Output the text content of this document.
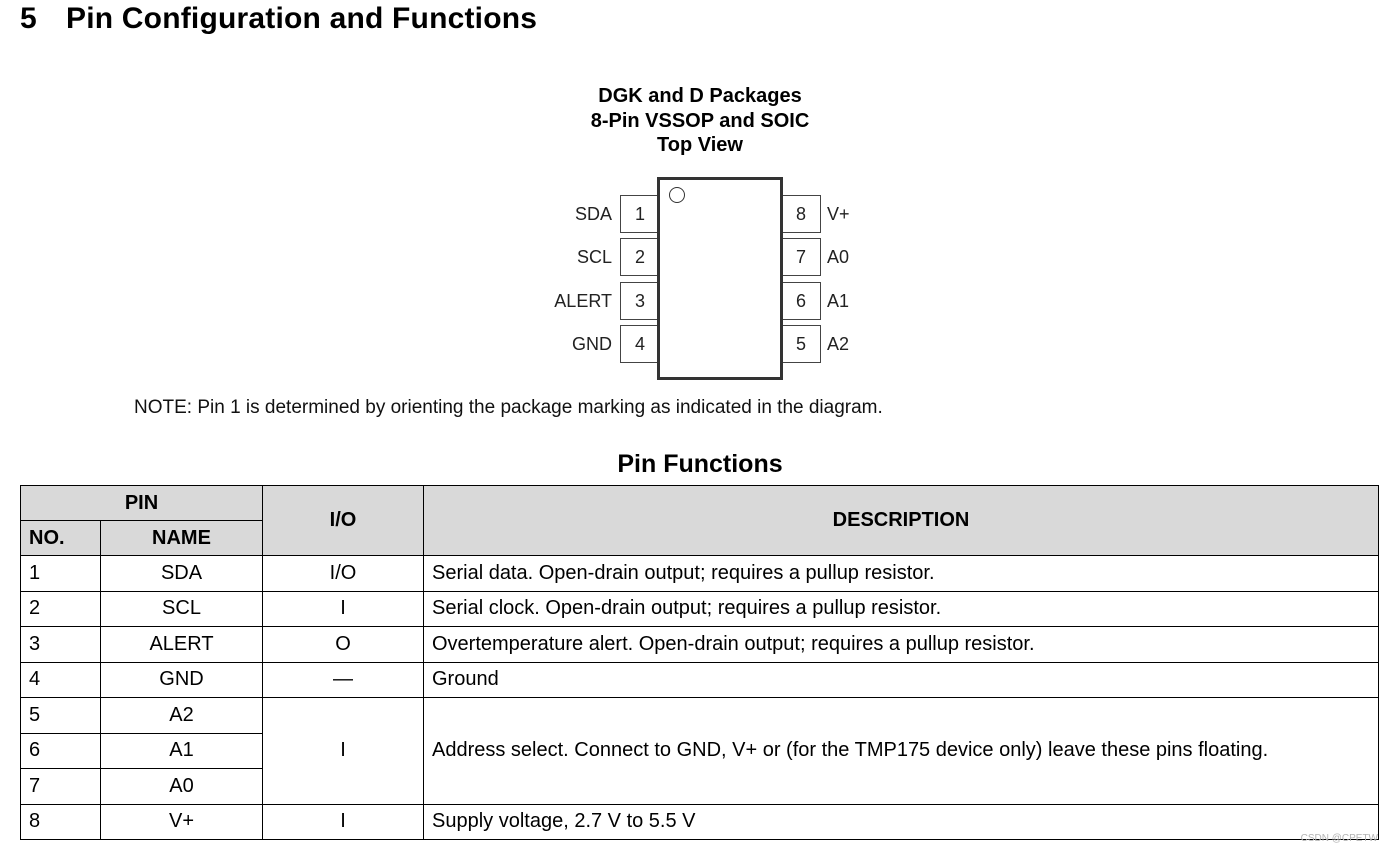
5 Pin Configuration and Functions
DGK and D Packages
8-Pin VSSOP and SOIC
Top View
SDA	1
SCL	2
ALERT	3
GND	4
8	V+
7	A0
6	A1
5	A2
NOTE: Pin 1 is determined by orienting the package marking as indicated in the diagram.
Pin Functions
PIN		I/O	DESCRIPTION
NO.	NAME		
1	SDA	I/O	Serial data. Open-drain output; requires a pullup resistor.
2	SCL	I	Serial clock. Open-drain output; requires a pullup resistor.
3	ALERT	O	Overtemperature alert. Open-drain output; requires a pullup resistor.
4	GND	—	Ground
5	A2	I	Address select. Connect to GND, V+ or (for the TMP175 device only) leave these pins floating.
6	A1		
7	A0		
8	V+	I	Supply voltage, 2.7 V to 5.5 V
CSDN @CPETW
